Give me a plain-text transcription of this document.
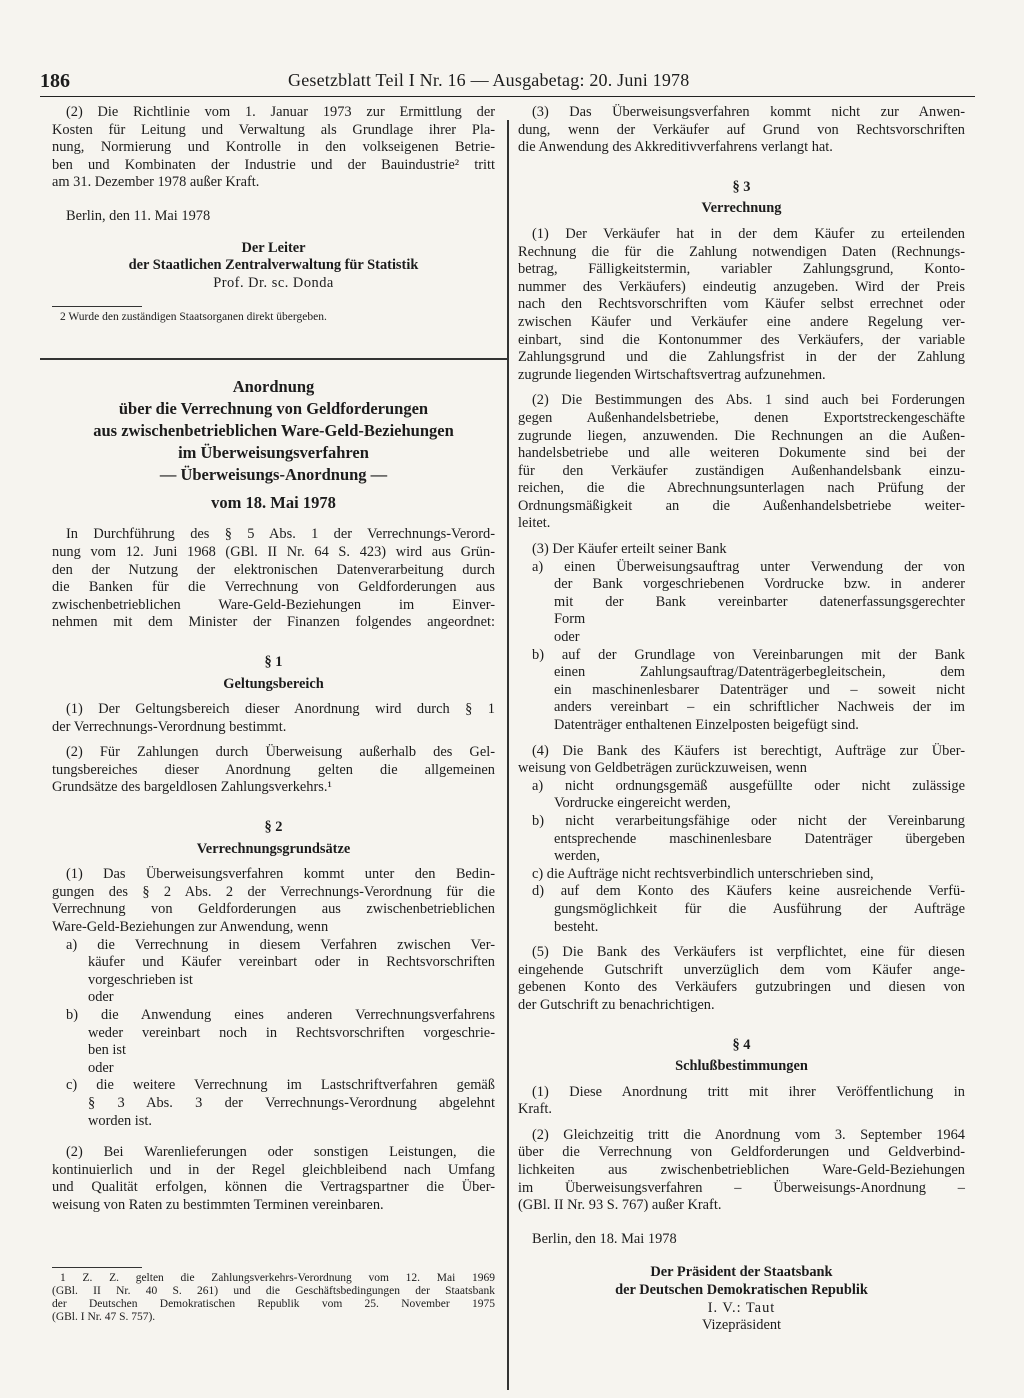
186	Gesetzblatt Teil I Nr. 16 — Ausgabetag: 20. Juni 1978
(2) Die Richtlinie vom 1. Januar 1973 zur Ermittlung der
Kosten für Leitung und Verwaltung als Grundlage ihrer Pla-
nung, Normierung und Kontrolle in den volkseigenen Betrie-
ben und Kombinaten der Industrie und der Bauindustrie² tritt
am 31. Dezember 1978 außer Kraft.
Berlin, den 11. Mai 1978
Der Leiter
der Staatlichen Zentralverwaltung für Statistik
Prof. Dr. sc. Donda
2 Wurde den zuständigen Staatsorganen direkt übergeben.
Anordnung
über die Verrechnung von Geldforderungen
aus zwischenbetrieblichen Ware-Geld-Beziehungen
im Überweisungsverfahren
— Überweisungs-Anordnung —
vom 18. Mai 1978
In Durchführung des § 5 Abs. 1 der Verrechnungs-Verord-
nung vom 12. Juni 1968 (GBl. II Nr. 64 S. 423) wird aus Grün-
den der Nutzung der elektronischen Datenverarbeitung durch
die Banken für die Verrechnung von Geldforderungen aus
zwischenbetrieblichen Ware-Geld-Beziehungen im Einver-
nehmen mit dem Minister der Finanzen folgendes angeordnet:
§ 1
Geltungsbereich
(1) Der Geltungsbereich dieser Anordnung wird durch § 1
der Verrechnungs-Verordnung bestimmt.
(2) Für Zahlungen durch Überweisung außerhalb des Gel-
tungsbereiches dieser Anordnung gelten die allgemeinen
Grundsätze des bargeldlosen Zahlungsverkehrs.¹
§ 2
Verrechnungsgrundsätze
(1) Das Überweisungsverfahren kommt unter den Bedin-
gungen des § 2 Abs. 2 der Verrechnungs-Verordnung für die
Verrechnung von Geldforderungen aus zwischenbetrieblichen
Ware-Geld-Beziehungen zur Anwendung, wenn
a) die Verrechnung in diesem Verfahren zwischen Ver-
käufer und Käufer vereinbart oder in Rechtsvorschriften
vorgeschrieben ist
oder
b) die Anwendung eines anderen Verrechnungsverfahrens
weder vereinbart noch in Rechtsvorschriften vorgeschrie-
ben ist
oder
c) die weitere Verrechnung im Lastschriftverfahren gemäß
§ 3 Abs. 3 der Verrechnungs-Verordnung abgelehnt
worden ist.
(2) Bei Warenlieferungen oder sonstigen Leistungen, die
kontinuierlich und in der Regel gleichbleibend nach Umfang
und Qualität erfolgen, können die Vertragspartner die Über-
weisung von Raten zu bestimmten Terminen vereinbaren.
1 Z. Z. gelten die Zahlungsverkehrs-Verordnung vom 12. Mai 1969
(GBl. II Nr. 40 S. 261) und die Geschäftsbedingungen der Staatsbank
der Deutschen Demokratischen Republik vom 25. November 1975
(GBl. I Nr. 47 S. 757).
(3) Das Überweisungsverfahren kommt nicht zur Anwen-
dung, wenn der Verkäufer auf Grund von Rechtsvorschriften
die Anwendung des Akkreditivverfahrens verlangt hat.
§ 3
Verrechnung
(1) Der Verkäufer hat in der dem Käufer zu erteilenden
Rechnung die für die Zahlung notwendigen Daten (Rechnungs-
betrag, Fälligkeitstermin, variabler Zahlungsgrund, Konto-
nummer des Verkäufers) eindeutig anzugeben. Wird der Preis
nach den Rechtsvorschriften vom Käufer selbst errechnet oder
zwischen Käufer und Verkäufer eine andere Regelung ver-
einbart, sind die Kontonummer des Verkäufers, der variable
Zahlungsgrund und die Zahlungsfrist in der der Zahlung
zugrunde liegenden Wirtschaftsvertrag aufzunehmen.
(2) Die Bestimmungen des Abs. 1 sind auch bei Forderungen
gegen Außenhandelsbetriebe, denen Exportstreckengeschäfte
zugrunde liegen, anzuwenden. Die Rechnungen an die Außen-
handelsbetriebe und alle weiteren Dokumente sind bei der
für den Verkäufer zuständigen Außenhandelsbank einzu-
reichen, die die Abrechnungsunterlagen nach Prüfung der
Ordnungsmäßigkeit an die Außenhandelsbetriebe weiter-
leitet.
(3) Der Käufer erteilt seiner Bank
a) einen Überweisungsauftrag unter Verwendung der von
der Bank vorgeschriebenen Vordrucke bzw. in anderer
mit der Bank vereinbarter datenerfassungsgerechter
Form
oder
b) auf der Grundlage von Vereinbarungen mit der Bank
einen Zahlungsauftrag/Datenträgerbegleitschein, dem
ein maschinenlesbarer Datenträger und – soweit nicht
anders vereinbart – ein schriftlicher Nachweis der im
Datenträger enthaltenen Einzelposten beigefügt sind.
(4) Die Bank des Käufers ist berechtigt, Aufträge zur Über-
weisung von Geldbeträgen zurückzuweisen, wenn
a) nicht ordnungsgemäß ausgefüllte oder nicht zulässige
Vordrucke eingereicht werden,
b) nicht verarbeitungsfähige oder nicht der Vereinbarung
entsprechende maschinenlesbare Datenträger übergeben
werden,
c) die Aufträge nicht rechtsverbindlich unterschrieben sind,
d) auf dem Konto des Käufers keine ausreichende Verfü-
gungsmöglichkeit für die Ausführung der Aufträge
besteht.
(5) Die Bank des Verkäufers ist verpflichtet, eine für diesen
eingehende Gutschrift unverzüglich dem vom Käufer ange-
gebenen Konto des Verkäufers gutzubringen und diesen von
der Gutschrift zu benachrichtigen.
§ 4
Schlußbestimmungen
(1) Diese Anordnung tritt mit ihrer Veröffentlichung in
Kraft.
(2) Gleichzeitig tritt die Anordnung vom 3. September 1964
über die Verrechnung von Geldforderungen und Geldverbind-
lichkeiten aus zwischenbetrieblichen Ware-Geld-Beziehungen
im Überweisungsverfahren – Überweisungs-Anordnung –
(GBl. II Nr. 93 S. 767) außer Kraft.
Berlin, den 18. Mai 1978
Der Präsident der Staatsbank
der Deutschen Demokratischen Republik
I. V.: Taut
Vizepräsident
